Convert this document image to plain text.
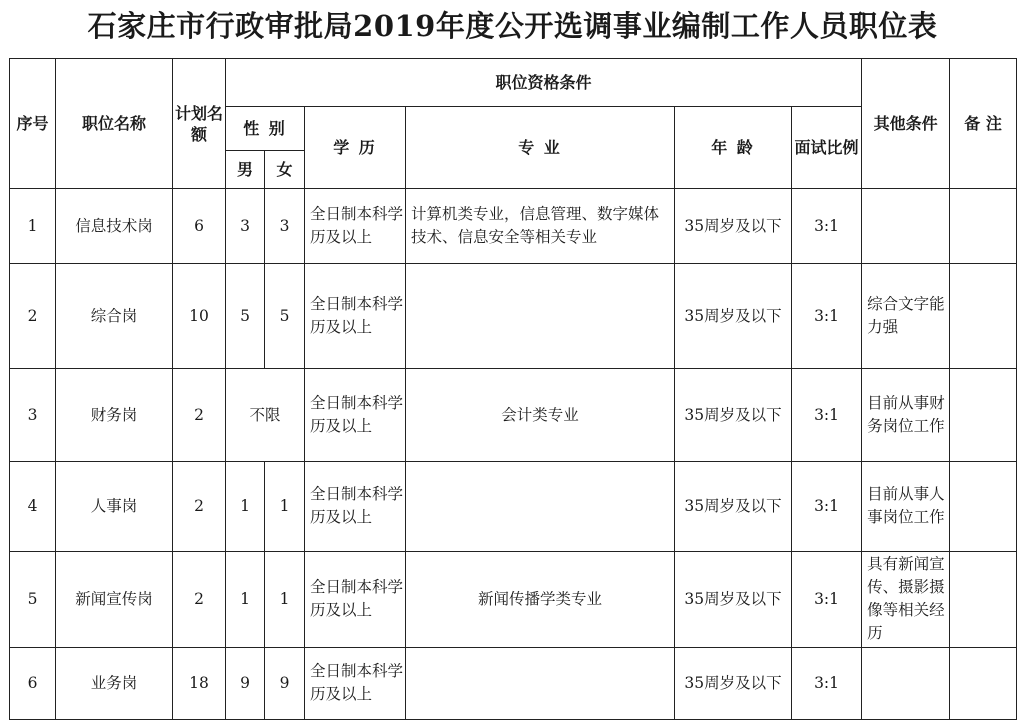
石家庄市行政审批局2019年度公开选调事业编制工作人员职位表
序号	职位名称	计划名额	职位资格条件						其他条件	备 注
			性 别		学 历	专 业	年 龄	面试比例		
			男	女						
1	信息技术岗	6	3	3	全日制本科学历及以上	计算机类专业，信息管理、数字媒体技术、信息安全等相关专业	35周岁及以下	3:1		
2	综合岗	10	5	5	全日制本科学历及以上		35周岁及以下	3:1	综合文字能力强	
3	财务岗	2	不限		全日制本科学历及以上	会计类专业	35周岁及以下	3:1	目前从事财务岗位工作	
4	人事岗	2	1	1	全日制本科学历及以上		35周岁及以下	3:1	目前从事人事岗位工作	
5	新闻宣传岗	2	1	1	全日制本科学历及以上	新闻传播学类专业	35周岁及以下	3:1	具有新闻宣传、摄影摄像等相关经历	
6	业务岗	18	9	9	全日制本科学历及以上		35周岁及以下	3:1		
